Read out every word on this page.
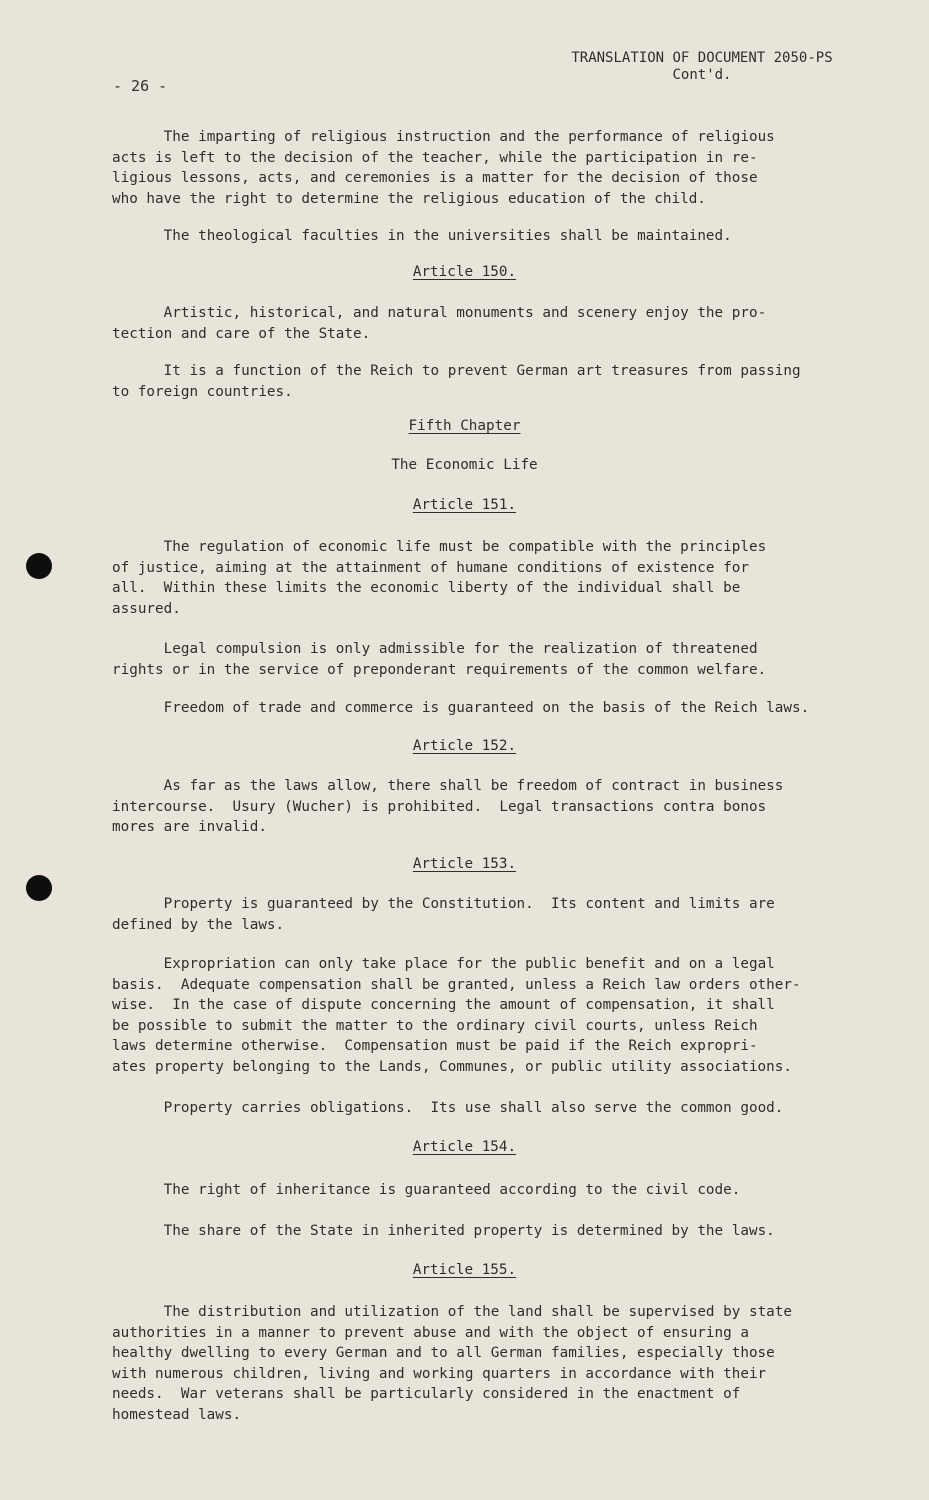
TRANSLATION OF DOCUMENT 2050-PS
Cont'd.
- 26 -
The imparting of religious instruction and the performance of religious
acts is left to the decision of the teacher, while the participation in re-
ligious lessons, acts, and ceremonies is a matter for the decision of those
who have the right to determine the religious education of the child.
The theological faculties in the universities shall be maintained.
Article 150.
Artistic, historical, and natural monuments and scenery enjoy the pro-
tection and care of the State.
It is a function of the Reich to prevent German art treasures from passing
to foreign countries.
Fifth Chapter
The Economic Life
Article 151.
The regulation of economic life must be compatible with the principles
of justice, aiming at the attainment of humane conditions of existence for
all.  Within these limits the economic liberty of the individual shall be
assured.
Legal compulsion is only admissible for the realization of threatened
rights or in the service of preponderant requirements of the common welfare.
Freedom of trade and commerce is guaranteed on the basis of the Reich laws.
Article 152.
As far as the laws allow, there shall be freedom of contract in business
intercourse.  Usury (Wucher) is prohibited.  Legal transactions contra bonos
mores are invalid.
Article 153.
Property is guaranteed by the Constitution.  Its content and limits are
defined by the laws.
Expropriation can only take place for the public benefit and on a legal
basis.  Adequate compensation shall be granted, unless a Reich law orders other-
wise.  In the case of dispute concerning the amount of compensation, it shall
be possible to submit the matter to the ordinary civil courts, unless Reich
laws determine otherwise.  Compensation must be paid if the Reich expropri-
ates property belonging to the Lands, Communes, or public utility associations.
Property carries obligations.  Its use shall also serve the common good.
Article 154.
The right of inheritance is guaranteed according to the civil code.
The share of the State in inherited property is determined by the laws.
Article 155.
The distribution and utilization of the land shall be supervised by state
authorities in a manner to prevent abuse and with the object of ensuring a
healthy dwelling to every German and to all German families, especially those
with numerous children, living and working quarters in accordance with their
needs.  War veterans shall be particularly considered in the enactment of
homestead laws.
